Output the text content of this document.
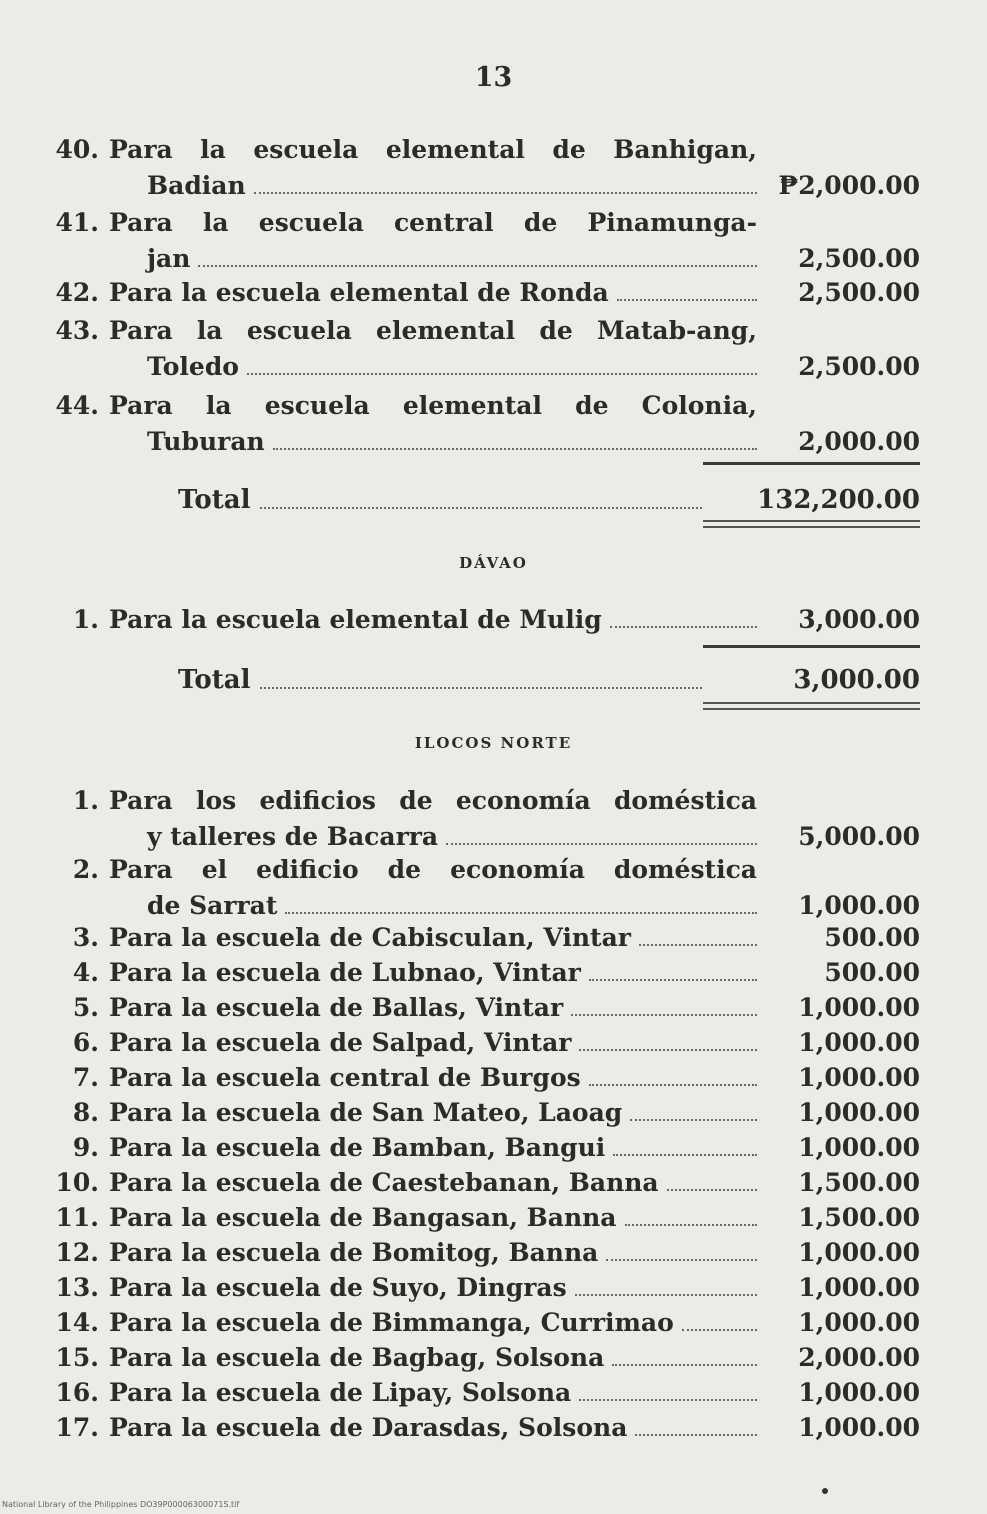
13
40. Para la escuela elemental de Banhigan,
Badian	₱2,000.00
41. Para la escuela central de Pinamunga-
jan	2,500.00
42. Para la escuela elemental de Ronda	2,500.00
43. Para la escuela elemental de Matab-ang,
Toledo	2,500.00
44. Para la escuela elemental de Colonia,
Tuburan	2,000.00
Total	132,200.00
DÁVAO
1. Para la escuela elemental de Mulig	3,000.00
Total	3,000.00
ILOCOS NORTE
1. Para los edificios de economía doméstica
y talleres de Bacarra	5,000.00
2. Para el edificio de economía doméstica
de Sarrat	1,000.00
3. Para la escuela de Cabisculan, Vintar	500.00
4. Para la escuela de Lubnao, Vintar	500.00
5. Para la escuela de Ballas, Vintar	1,000.00
6. Para la escuela de Salpad, Vintar	1,000.00
7. Para la escuela central de Burgos	1,000.00
8. Para la escuela de San Mateo, Laoag	1,000.00
9. Para la escuela de Bamban, Bangui	1,000.00
10. Para la escuela de Caestebanan, Banna	1,500.00
11. Para la escuela de Bangasan, Banna	1,500.00
12. Para la escuela de Bomitog, Banna	1,000.00
13. Para la escuela de Suyo, Dingras	1,000.00
14. Para la escuela de Bimmanga, Currimao	1,000.00
15. Para la escuela de Bagbag, Solsona	2,000.00
16. Para la escuela de Lipay, Solsona	1,000.00
17. Para la escuela de Darasdas, Solsona	1,000.00
National Library of the Philippines DO39P00006300071S.tif
